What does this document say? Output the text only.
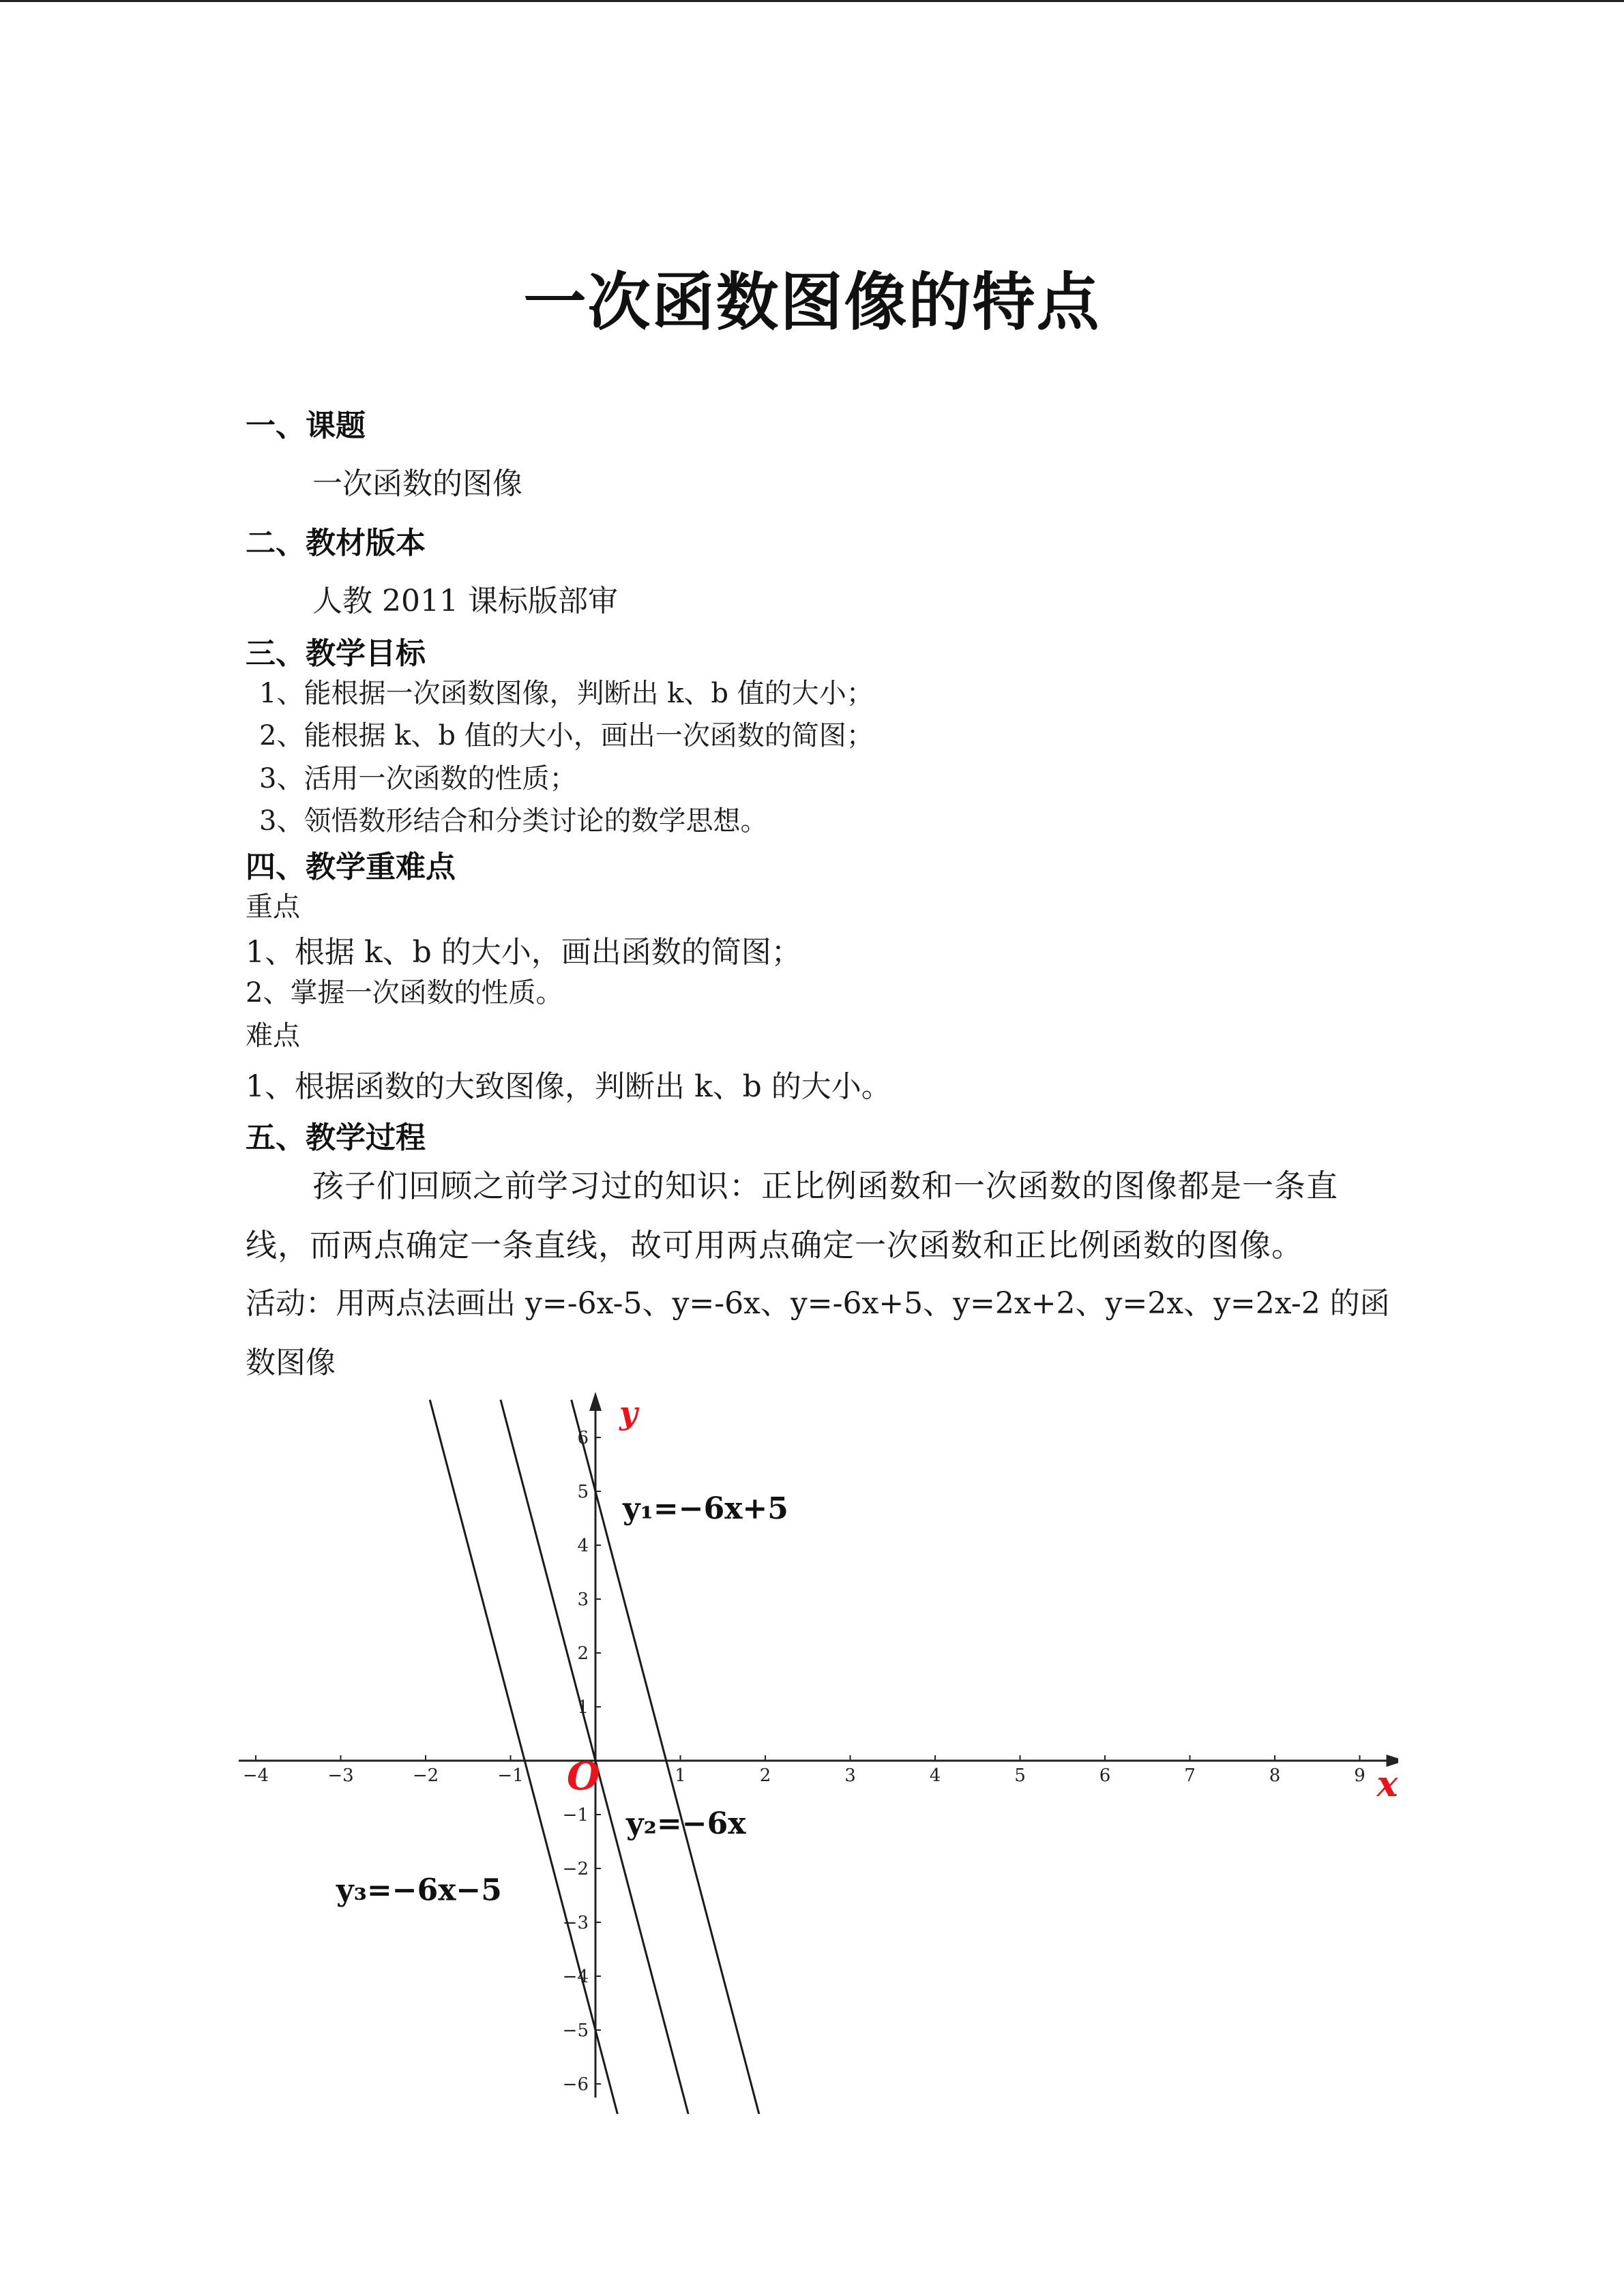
一次函数图像的特点
一、课题
一次函数的图像
二、教材版本
人教 2011 课标版部审
三、教学目标
1、能根据一次函数图像，判断出 k、b 值的大小；
2、能根据 k、b 值的大小，画出一次函数的简图；
3、活用一次函数的性质；
3、领悟数形结合和分类讨论的数学思想。
四、教学重难点
重点
1、根据 k、b 的大小，画出函数的简图；
2、掌握一次函数的性质。
难点
1、根据函数的大致图像，判断出 k、b 的大小。
五、教学过程
孩子们回顾之前学习过的知识：正比例函数和一次函数的图像都是一条直
线，而两点确定一条直线，故可用两点确定一次函数和正比例函数的图像。
活动：用两点法画出 y=-6x-5、y=-6x、y=-6x+5、y=2x+2、y=2x、y=2x-2 的函
数图像
−4	−3	−2	−1	1	2	3	4	5	6	7	8	9
6
5
4
3
2
1
−1
−2
−3
−4
−5
−6
y₁=−6x+5
y₂=−6x
y₃=−6x−5
y
x
O
